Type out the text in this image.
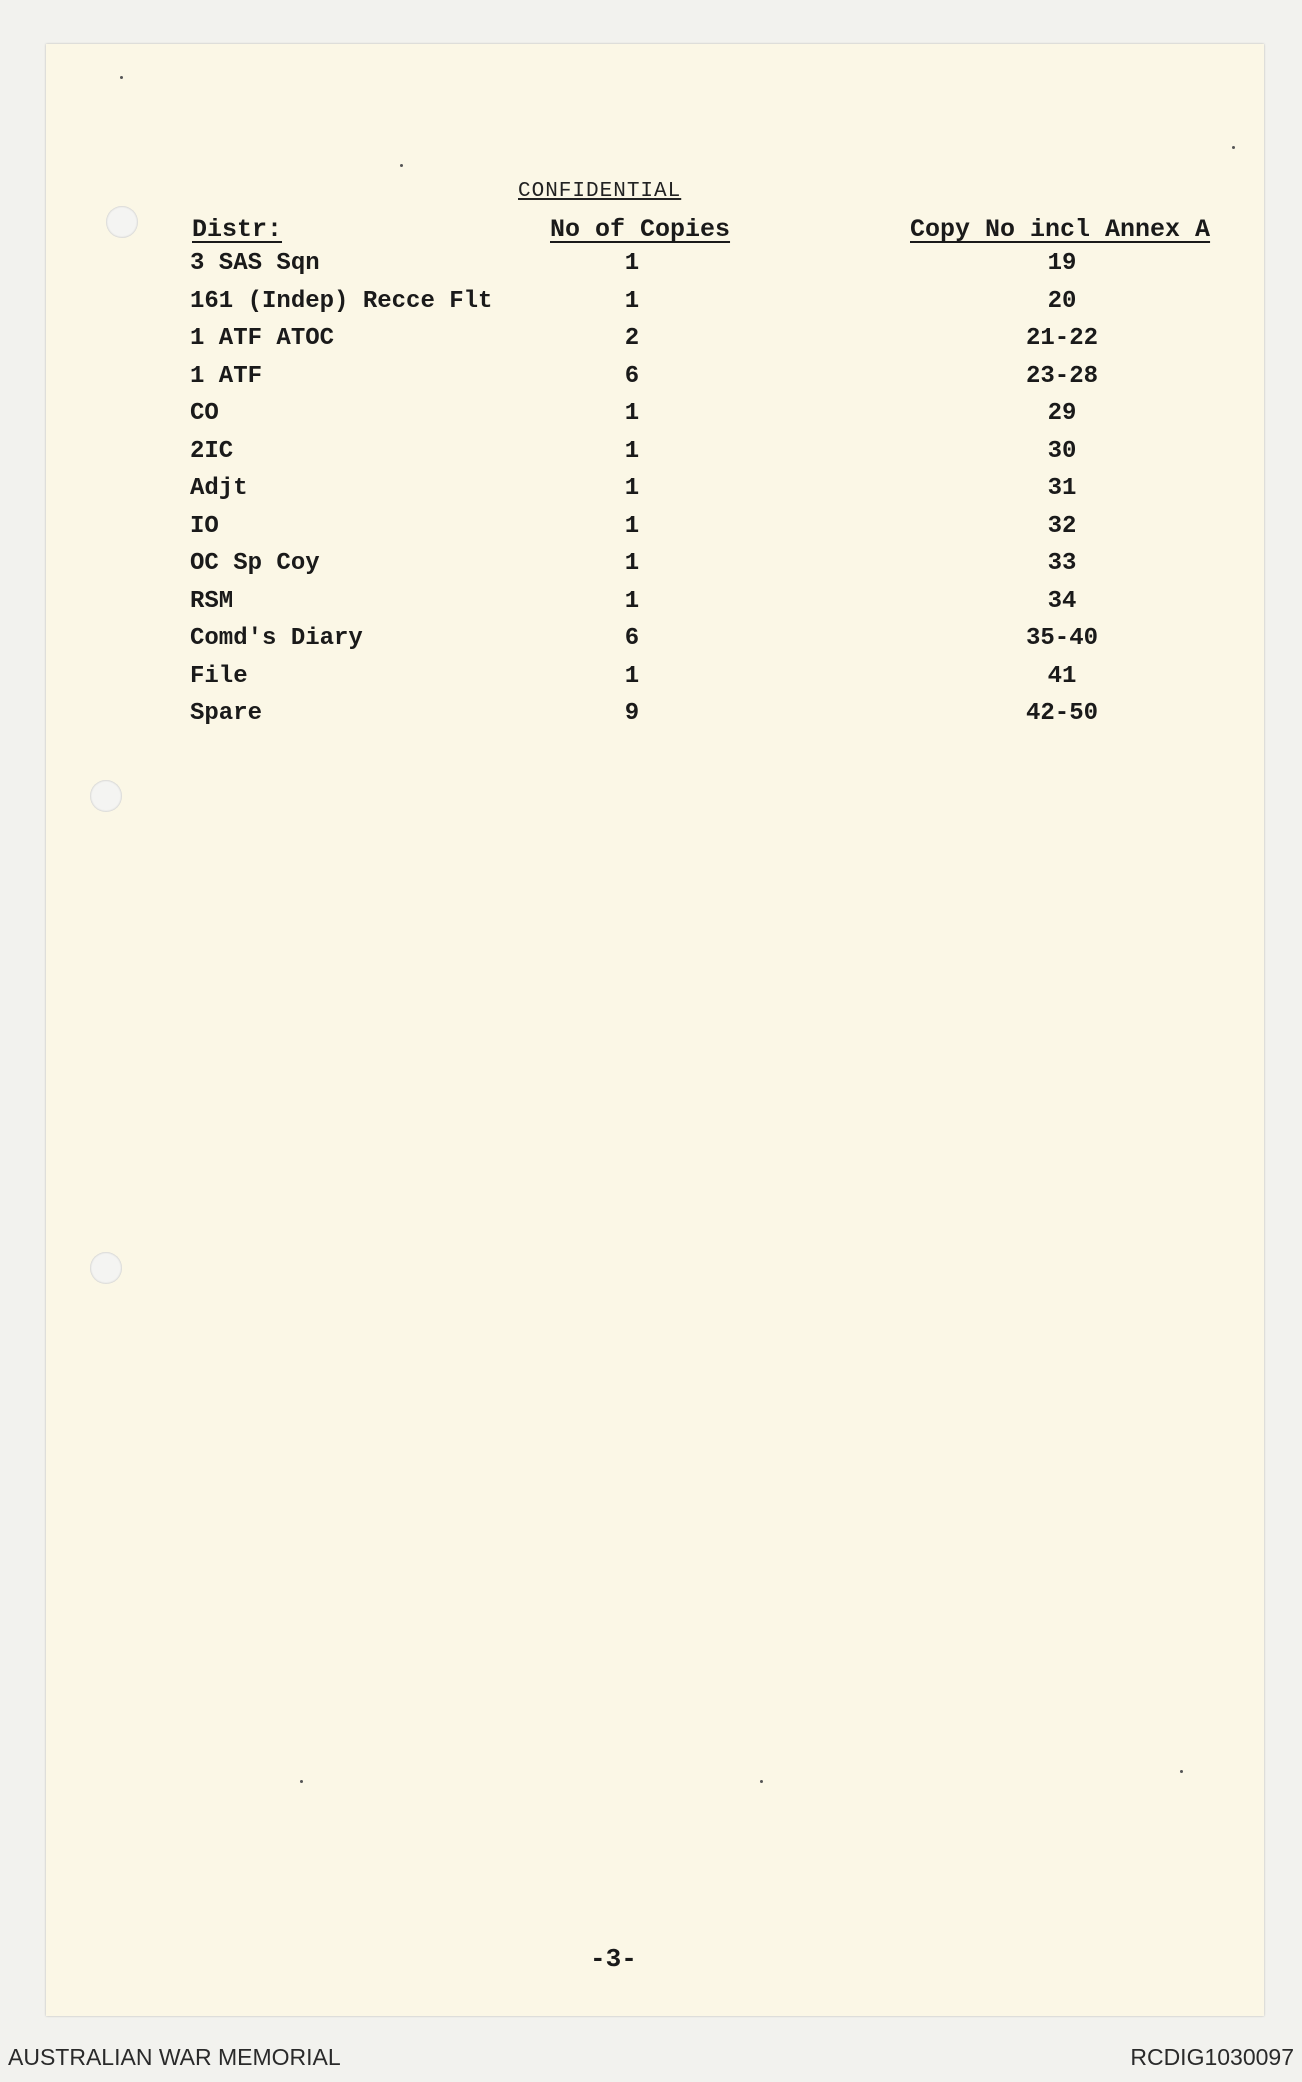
CONFIDENTIAL
Distr:	No of Copies	Copy No incl Annex A
3 SAS Sqn	1	19
161 (Indep) Recce Flt	1	20
1 ATF ATOC	2	21-22
1 ATF	6	23-28
CO	1	29
2IC	1	30
Adjt	1	31
IO	1	32
OC Sp Coy	1	33
RSM	1	34
Comd's Diary	6	35-40
File	1	41
Spare	9	42-50
-3-
AUSTRALIAN WAR MEMORIAL	RCDIG1030097
